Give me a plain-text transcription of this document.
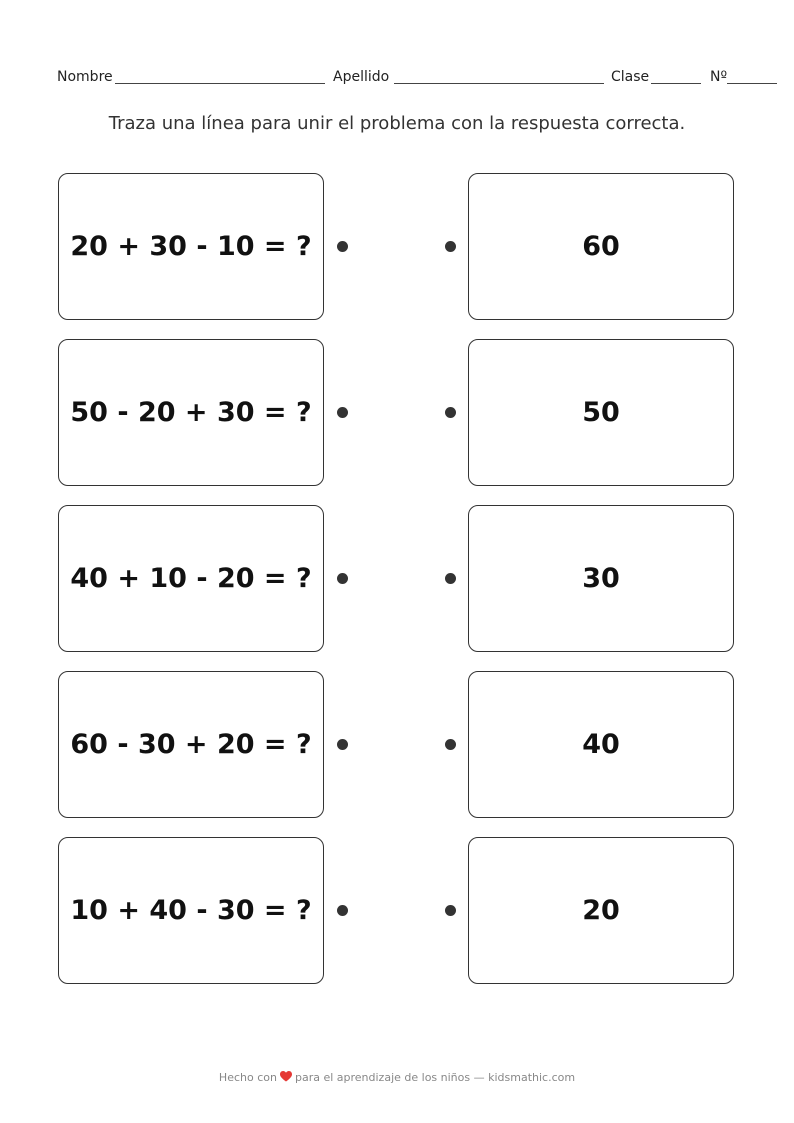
Nombre	Apellido	Clase	Nº
Traza una línea para unir el problema con la respuesta correcta.
20 + 30 - 10 = ?
50 - 20 + 30 = ?
40 + 10 - 20 = ?
60 - 30 + 20 = ?
10 + 40 - 30 = ?
60
50
30
40
20
Hecho con para el aprendizaje de los niños — kidsmathic.com
